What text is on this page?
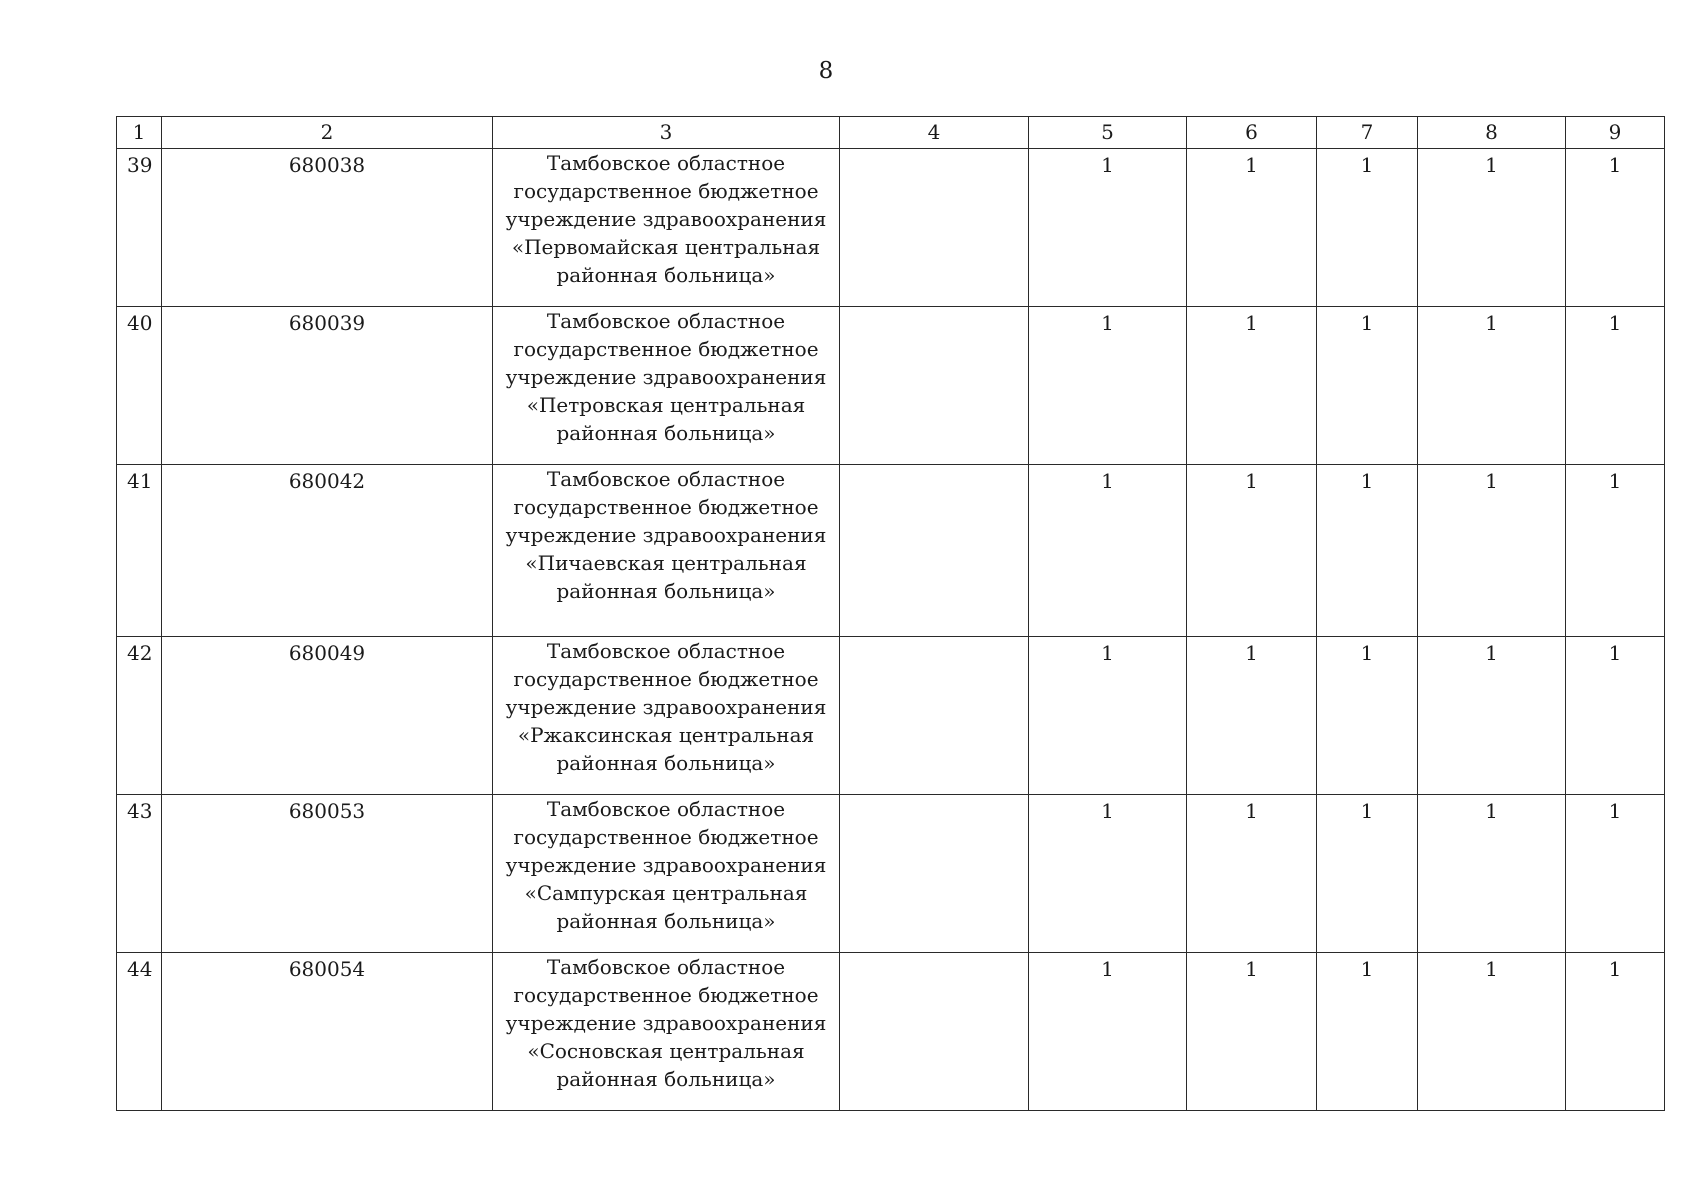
8
1	2	3	4	5	6	7	8	9
39	680038	Тамбовское областное
государственное бюджетное
учреждение здравоохранения
«Первомайская центральная
районная больница»		1	1	1	1	1
40	680039	Тамбовское областное
государственное бюджетное
учреждение здравоохранения
«Петровская центральная
районная больница»		1	1	1	1	1
41	680042	Тамбовское областное
государственное бюджетное
учреждение здравоохранения
«Пичаевская центральная
районная больница»		1	1	1	1	1
42	680049	Тамбовское областное
государственное бюджетное
учреждение здравоохранения
«Ржаксинская центральная
районная больница»		1	1	1	1	1
43	680053	Тамбовское областное
государственное бюджетное
учреждение здравоохранения
«Сампурская центральная
районная больница»		1	1	1	1	1
44	680054	Тамбовское областное
государственное бюджетное
учреждение здравоохранения
«Сосновская центральная
районная больница»		1	1	1	1	1
